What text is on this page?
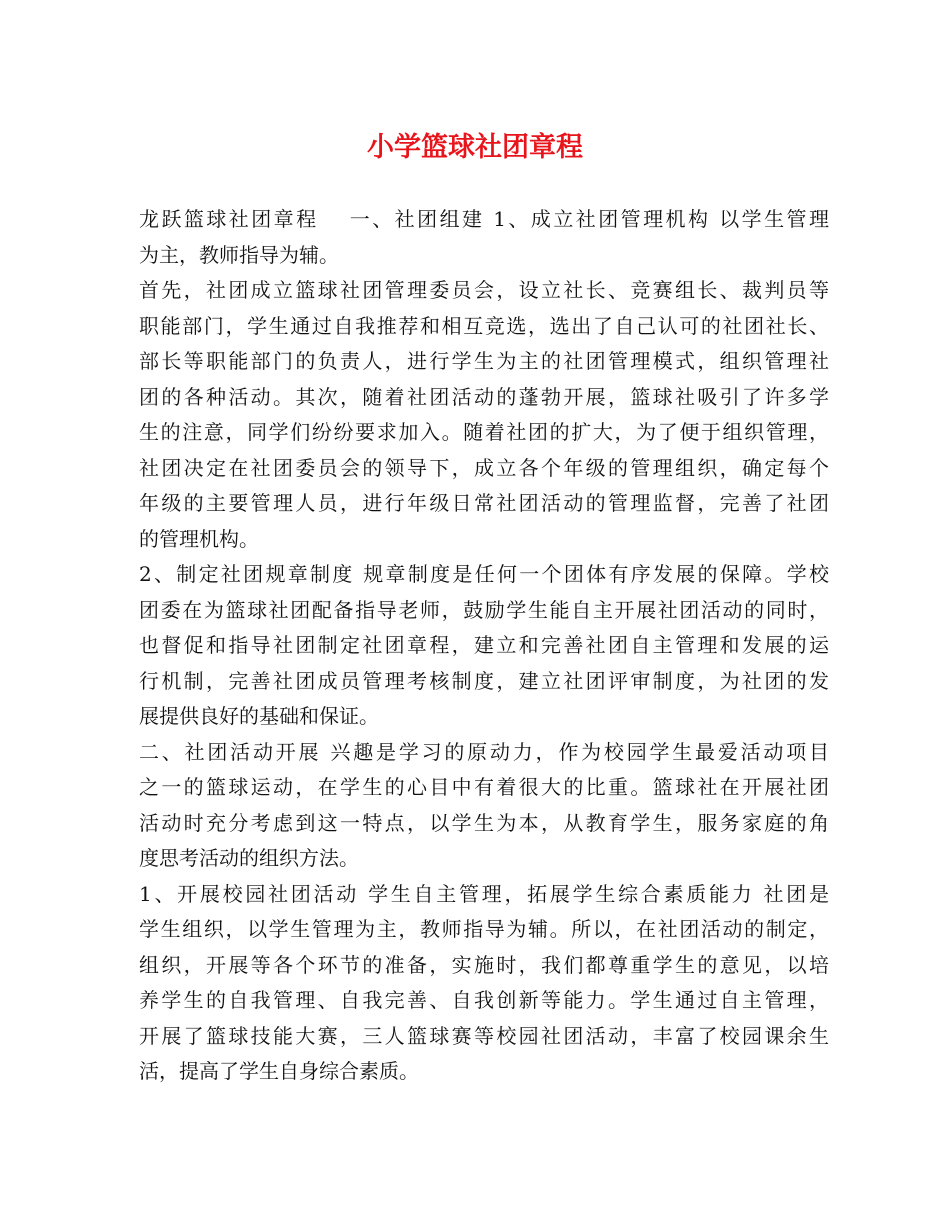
小学篮球社团章程
龙跃篮球社团章程　 一、社团组建 1、成立社团管理机构 以学生管理
为主，教师指导为辅。
首先，社团成立篮球社团管理委员会，设立社长、竞赛组长、裁判员等
职能部门，学生通过自我推荐和相互竞选，选出了自己认可的社团社长、
部长等职能部门的负责人，进行学生为主的社团管理模式，组织管理社
团的各种活动。其次，随着社团活动的蓬勃开展，篮球社吸引了许多学
生的注意，同学们纷纷要求加入。随着社团的扩大，为了便于组织管理，
社团决定在社团委员会的领导下，成立各个年级的管理组织，确定每个
年级的主要管理人员，进行年级日常社团活动的管理监督，完善了社团
的管理机构。
2、制定社团规章制度 规章制度是任何一个团体有序发展的保障。学校
团委在为篮球社团配备指导老师，鼓励学生能自主开展社团活动的同时，
也督促和指导社团制定社团章程，建立和完善社团自主管理和发展的运
行机制，完善社团成员管理考核制度，建立社团评审制度，为社团的发
展提供良好的基础和保证。
二、社团活动开展 兴趣是学习的原动力，作为校园学生最爱活动项目
之一的篮球运动，在学生的心目中有着很大的比重。篮球社在开展社团
活动时充分考虑到这一特点，以学生为本，从教育学生，服务家庭的角
度思考活动的组织方法。
1、开展校园社团活动 学生自主管理，拓展学生综合素质能力 社团是
学生组织，以学生管理为主，教师指导为辅。所以，在社团活动的制定，
组织，开展等各个环节的准备，实施时，我们都尊重学生的意见，以培
养学生的自我管理、自我完善、自我创新等能力。学生通过自主管理，
开展了篮球技能大赛，三人篮球赛等校园社团活动，丰富了校园课余生
活，提高了学生自身综合素质。
